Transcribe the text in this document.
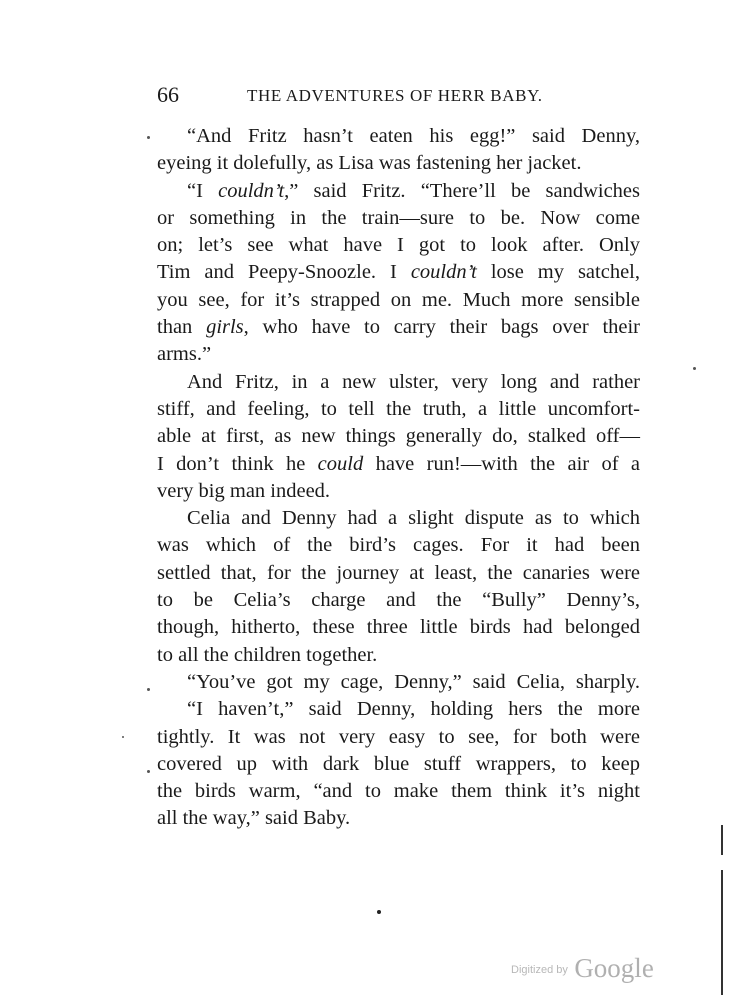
66	THE ADVENTURES OF HERR BABY.
“And Fritz hasn’t eaten his egg!” said Denny,
eyeing it dolefully, as Lisa was fastening her jacket.
“I couldn’t,” said Fritz. “There’ll be sandwiches
or something in the train—sure to be. Now come
on; let’s see what have I got to look after. Only
Tim and Peepy-Snoozle. I couldn’t lose my satchel,
you see, for it’s strapped on me. Much more sensible
than girls, who have to carry their bags over their
arms.”
And Fritz, in a new ulster, very long and rather
stiff, and feeling, to tell the truth, a little uncomfort-
able at first, as new things generally do, stalked off—
I don’t think he could have run!—with the air of a
very big man indeed.
Celia and Denny had a slight dispute as to which
was which of the bird’s cages. For it had been
settled that, for the journey at least, the canaries were
to be Celia’s charge and the “Bully” Denny’s,
though, hitherto, these three little birds had belonged
to all the children together.
“You’ve got my cage, Denny,” said Celia, sharply.
“I haven’t,” said Denny, holding hers the more
tightly. It was not very easy to see, for both were
covered up with dark blue stuff wrappers, to keep
the birds warm, “and to make them think it’s night
all the way,” said Baby.
$^{Digitized by}$ Google
